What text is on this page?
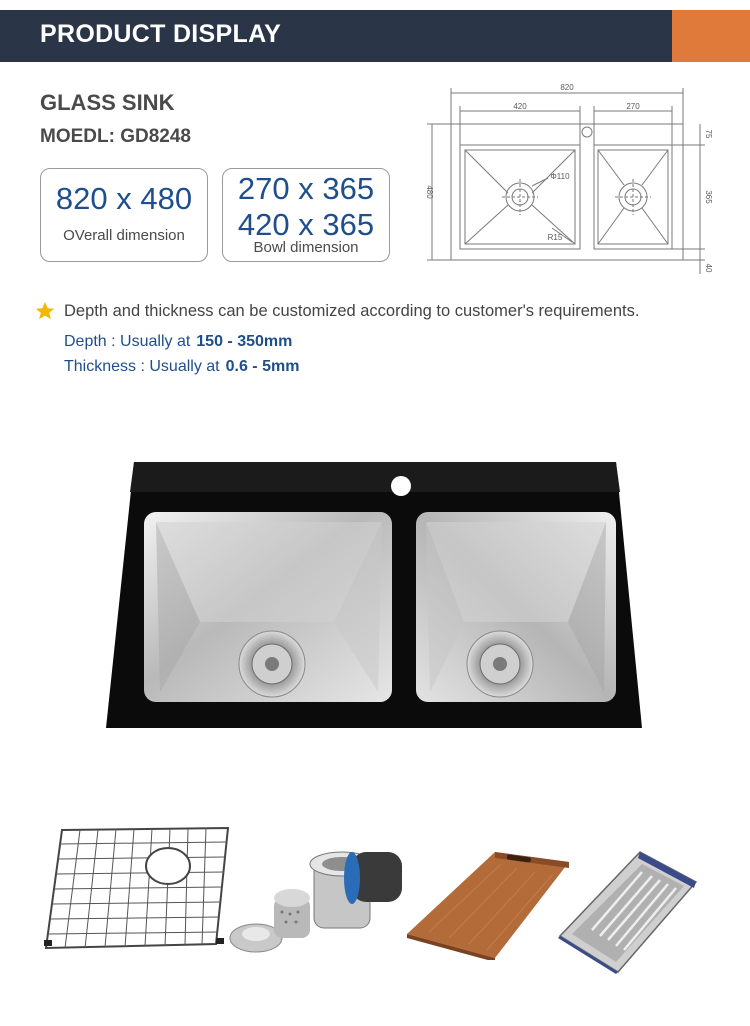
PRODUCT DISPLAY
GLASS SINK
MOEDL: GD8248
820 x 480
OVerall dimension
270 x 365
420 x 365
Bowl dimension
820
420	270
Φ110
R15
480	365
75
40
Depth and thickness can be customized according to customer's requirements.
Depth : Usually at 150 - 350mm
Thickness : Usually at 0.6 - 5mm
